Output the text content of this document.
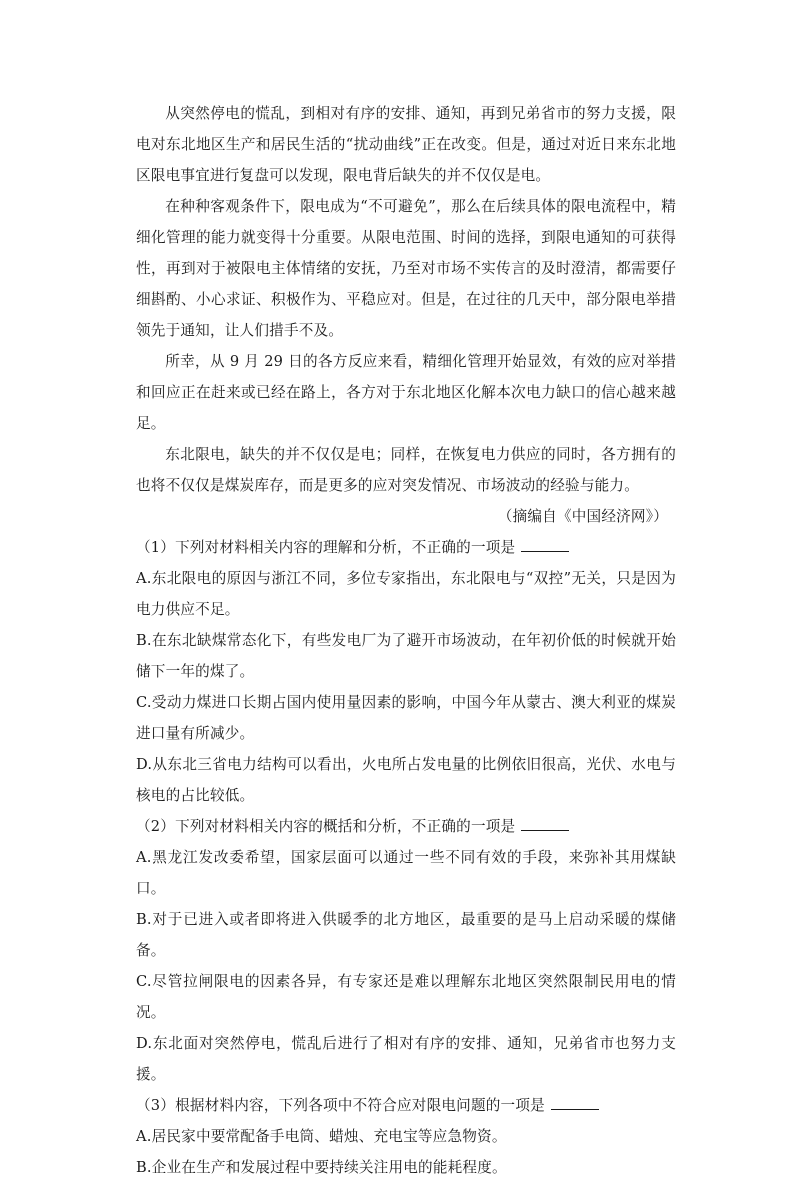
从突然停电的慌乱，到相对有序的安排、通知，再到兄弟省市的努力支援，限电对东北地区生产和居民生活的“扰动曲线”正在改变。但是，通过对近日来东北地区限电事宜进行复盘可以发现，限电背后缺失的并不仅仅是电。

在种种客观条件下，限电成为“不可避免”，那么在后续具体的限电流程中，精细化管理的能力就变得十分重要。从限电范围、时间的选择，到限电通知的可获得性，再到对于被限电主体情绪的安抚，乃至对市场不实传言的及时澄清，都需要仔细斟酌、小心求证、积极作为、平稳应对。但是，在过往的几天中，部分限电举措领先于通知，让人们措手不及。

所幸，从 9 月 29 日的各方反应来看，精细化管理开始显效，有效的应对举措和回应正在赶来或已经在路上，各方对于东北地区化解本次电力缺口的信心越来越足。

东北限电，缺失的并不仅仅是电；同样，在恢复电力供应的同时，各方拥有的也将不仅仅是煤炭库存，而是更多的应对突发情况、市场波动的经验与能力。

（摘编自《中国经济网》）

（1）下列对材料相关内容的理解和分析，不正确的一项是

A.东北限电的原因与浙江不同，多位专家指出，东北限电与“双控”无关，只是因为电力供应不足。

B.在东北缺煤常态化下，有些发电厂为了避开市场波动，在年初价低的时候就开始储下一年的煤了。

C.受动力煤进口长期占国内使用量因素的影响，中国今年从蒙古、澳大利亚的煤炭进口量有所减少。

D.从东北三省电力结构可以看出，火电所占发电量的比例依旧很高，光伏、水电与核电的占比较低。

（2）下列对材料相关内容的概括和分析，不正确的一项是

A.黑龙江发改委希望，国家层面可以通过一些不同有效的手段，来弥补其用煤缺口。

B.对于已进入或者即将进入供暖季的北方地区，最重要的是马上启动采暖的煤储备。

C.尽管拉闸限电的因素各异，有专家还是难以理解东北地区突然限制民用电的情况。

D.东北面对突然停电，慌乱后进行了相对有序的安排、通知，兄弟省市也努力支援。

（3）根据材料内容，下列各项中不符合应对限电问题的一项是

A.居民家中要常配备手电筒、蜡烛、充电宝等应急物资。

B.企业在生产和发展过程中要持续关注用电的能耗程度。
